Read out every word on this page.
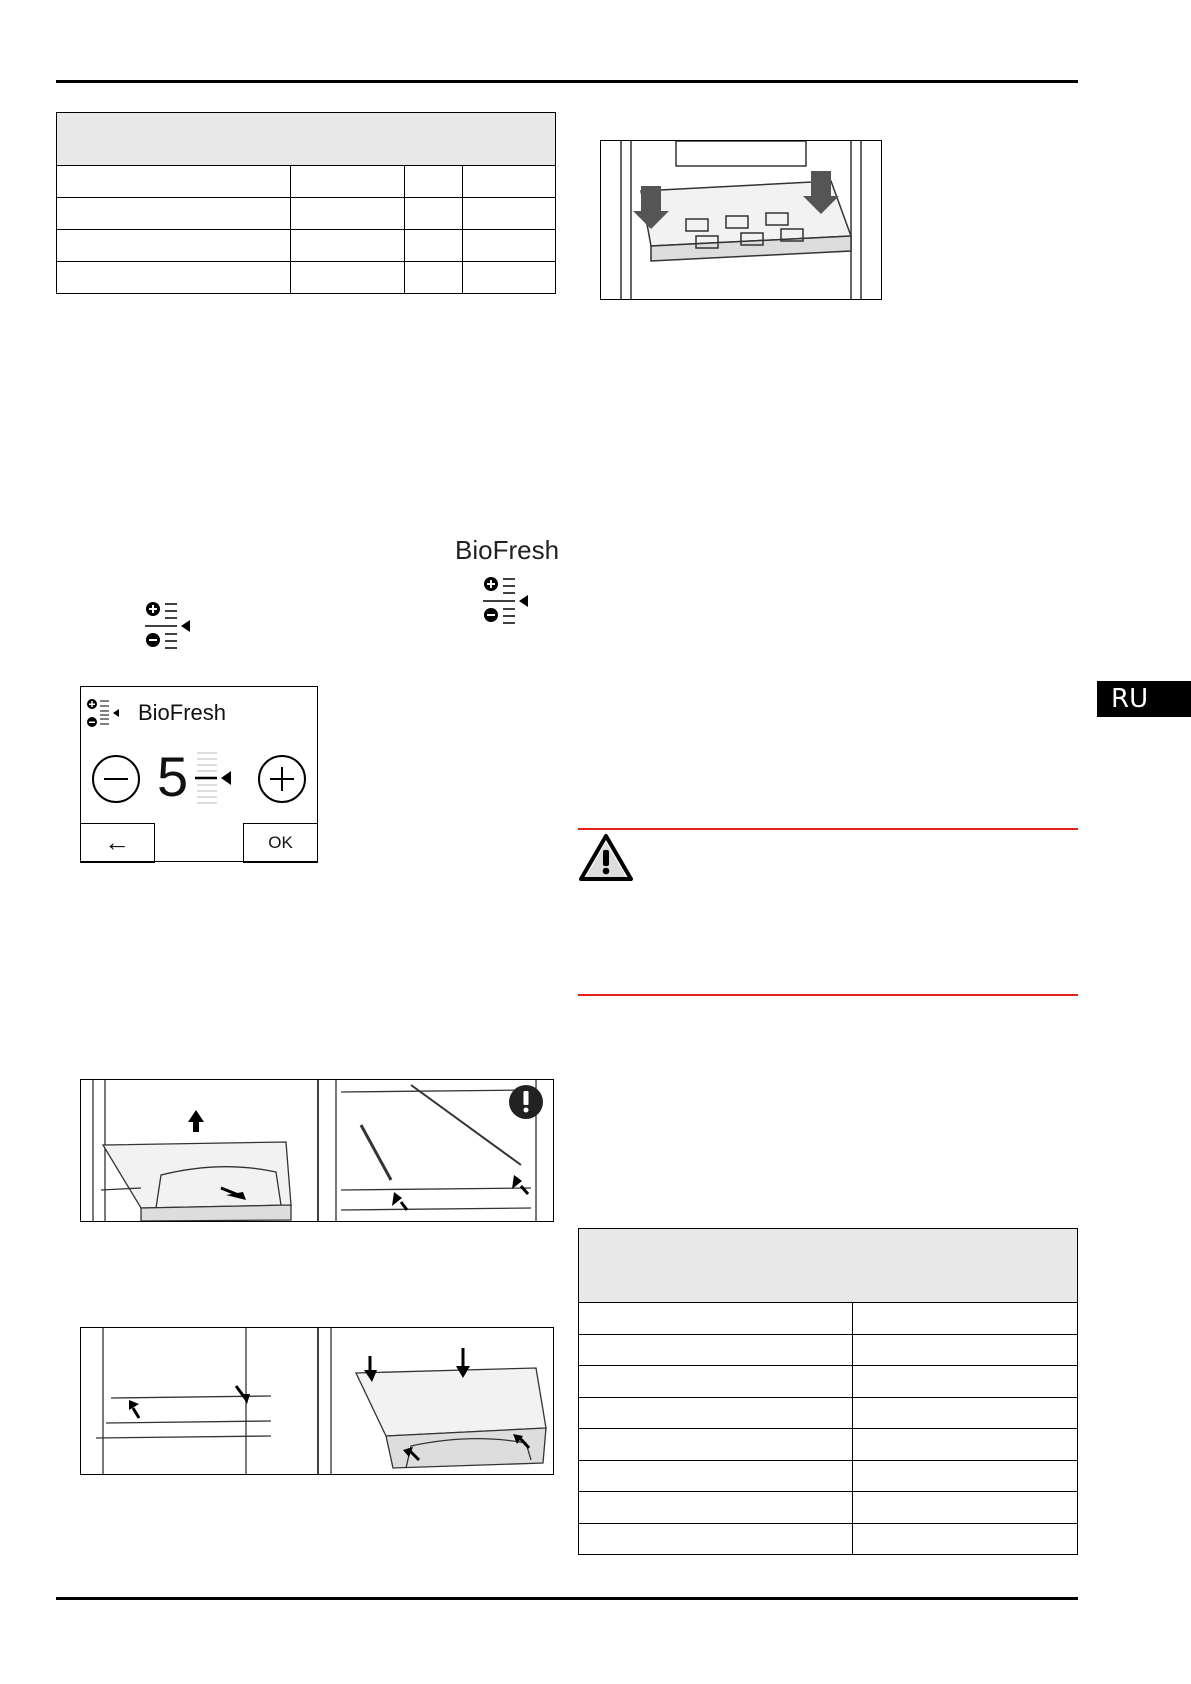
BioFresh
BioFresh
5
←	OK
RU
